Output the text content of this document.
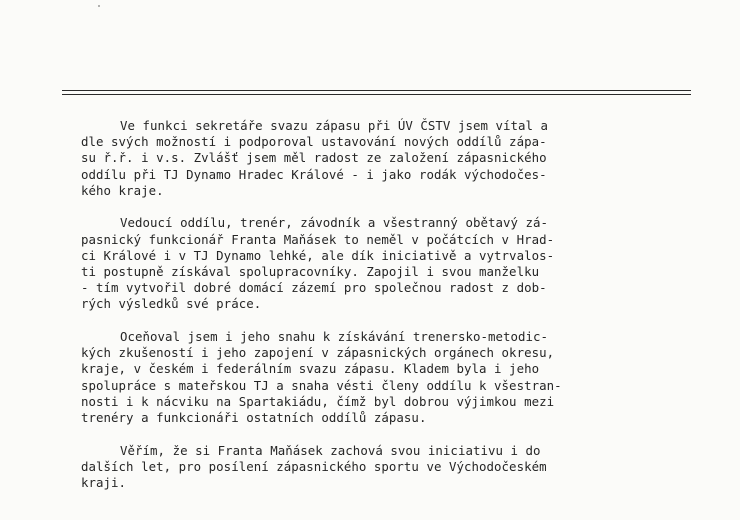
Ve funkci sekretáře svazu zápasu při ÚV ČSTV jsem vítal a
dle svých možností i podporoval ustavování nových oddílů zápa-
su ř.ř. i v.s. Zvlášť jsem měl radost ze založení zápasnického
oddílu při TJ Dynamo Hradec Králové - i jako rodák východočes-
kého kraje.
Vedoucí oddílu, trenér, závodník a všestranný obětavý zá-
pasnický funkcionář Franta Maňásek to neměl v počátcích v Hrad-
ci Králové i v TJ Dynamo lehké, ale dík iniciativě a vytrvalos-
ti postupně získával spolupracovníky. Zapojil i svou manželku
- tím vytvořil dobré domácí zázemí pro společnou radost z dob-
rých výsledků své práce.
Oceňoval jsem i jeho snahu k získávání trenersko-metodic-
kých zkušeností i jeho zapojení v zápasnických orgánech okresu,
kraje, v českém i federálním svazu zápasu. Kladem byla i jeho
spolupráce s mateřskou TJ a snaha vésti členy oddílu k všestran-
nosti i k nácviku na Spartakiádu, čímž byl dobrou výjimkou mezi
trenéry a funkcionáři ostatních oddílů zápasu.
Věřím, že si Franta Maňásek zachová svou iniciativu i do
dalších let, pro posílení zápasnického sportu ve Východočeském
kraji.
